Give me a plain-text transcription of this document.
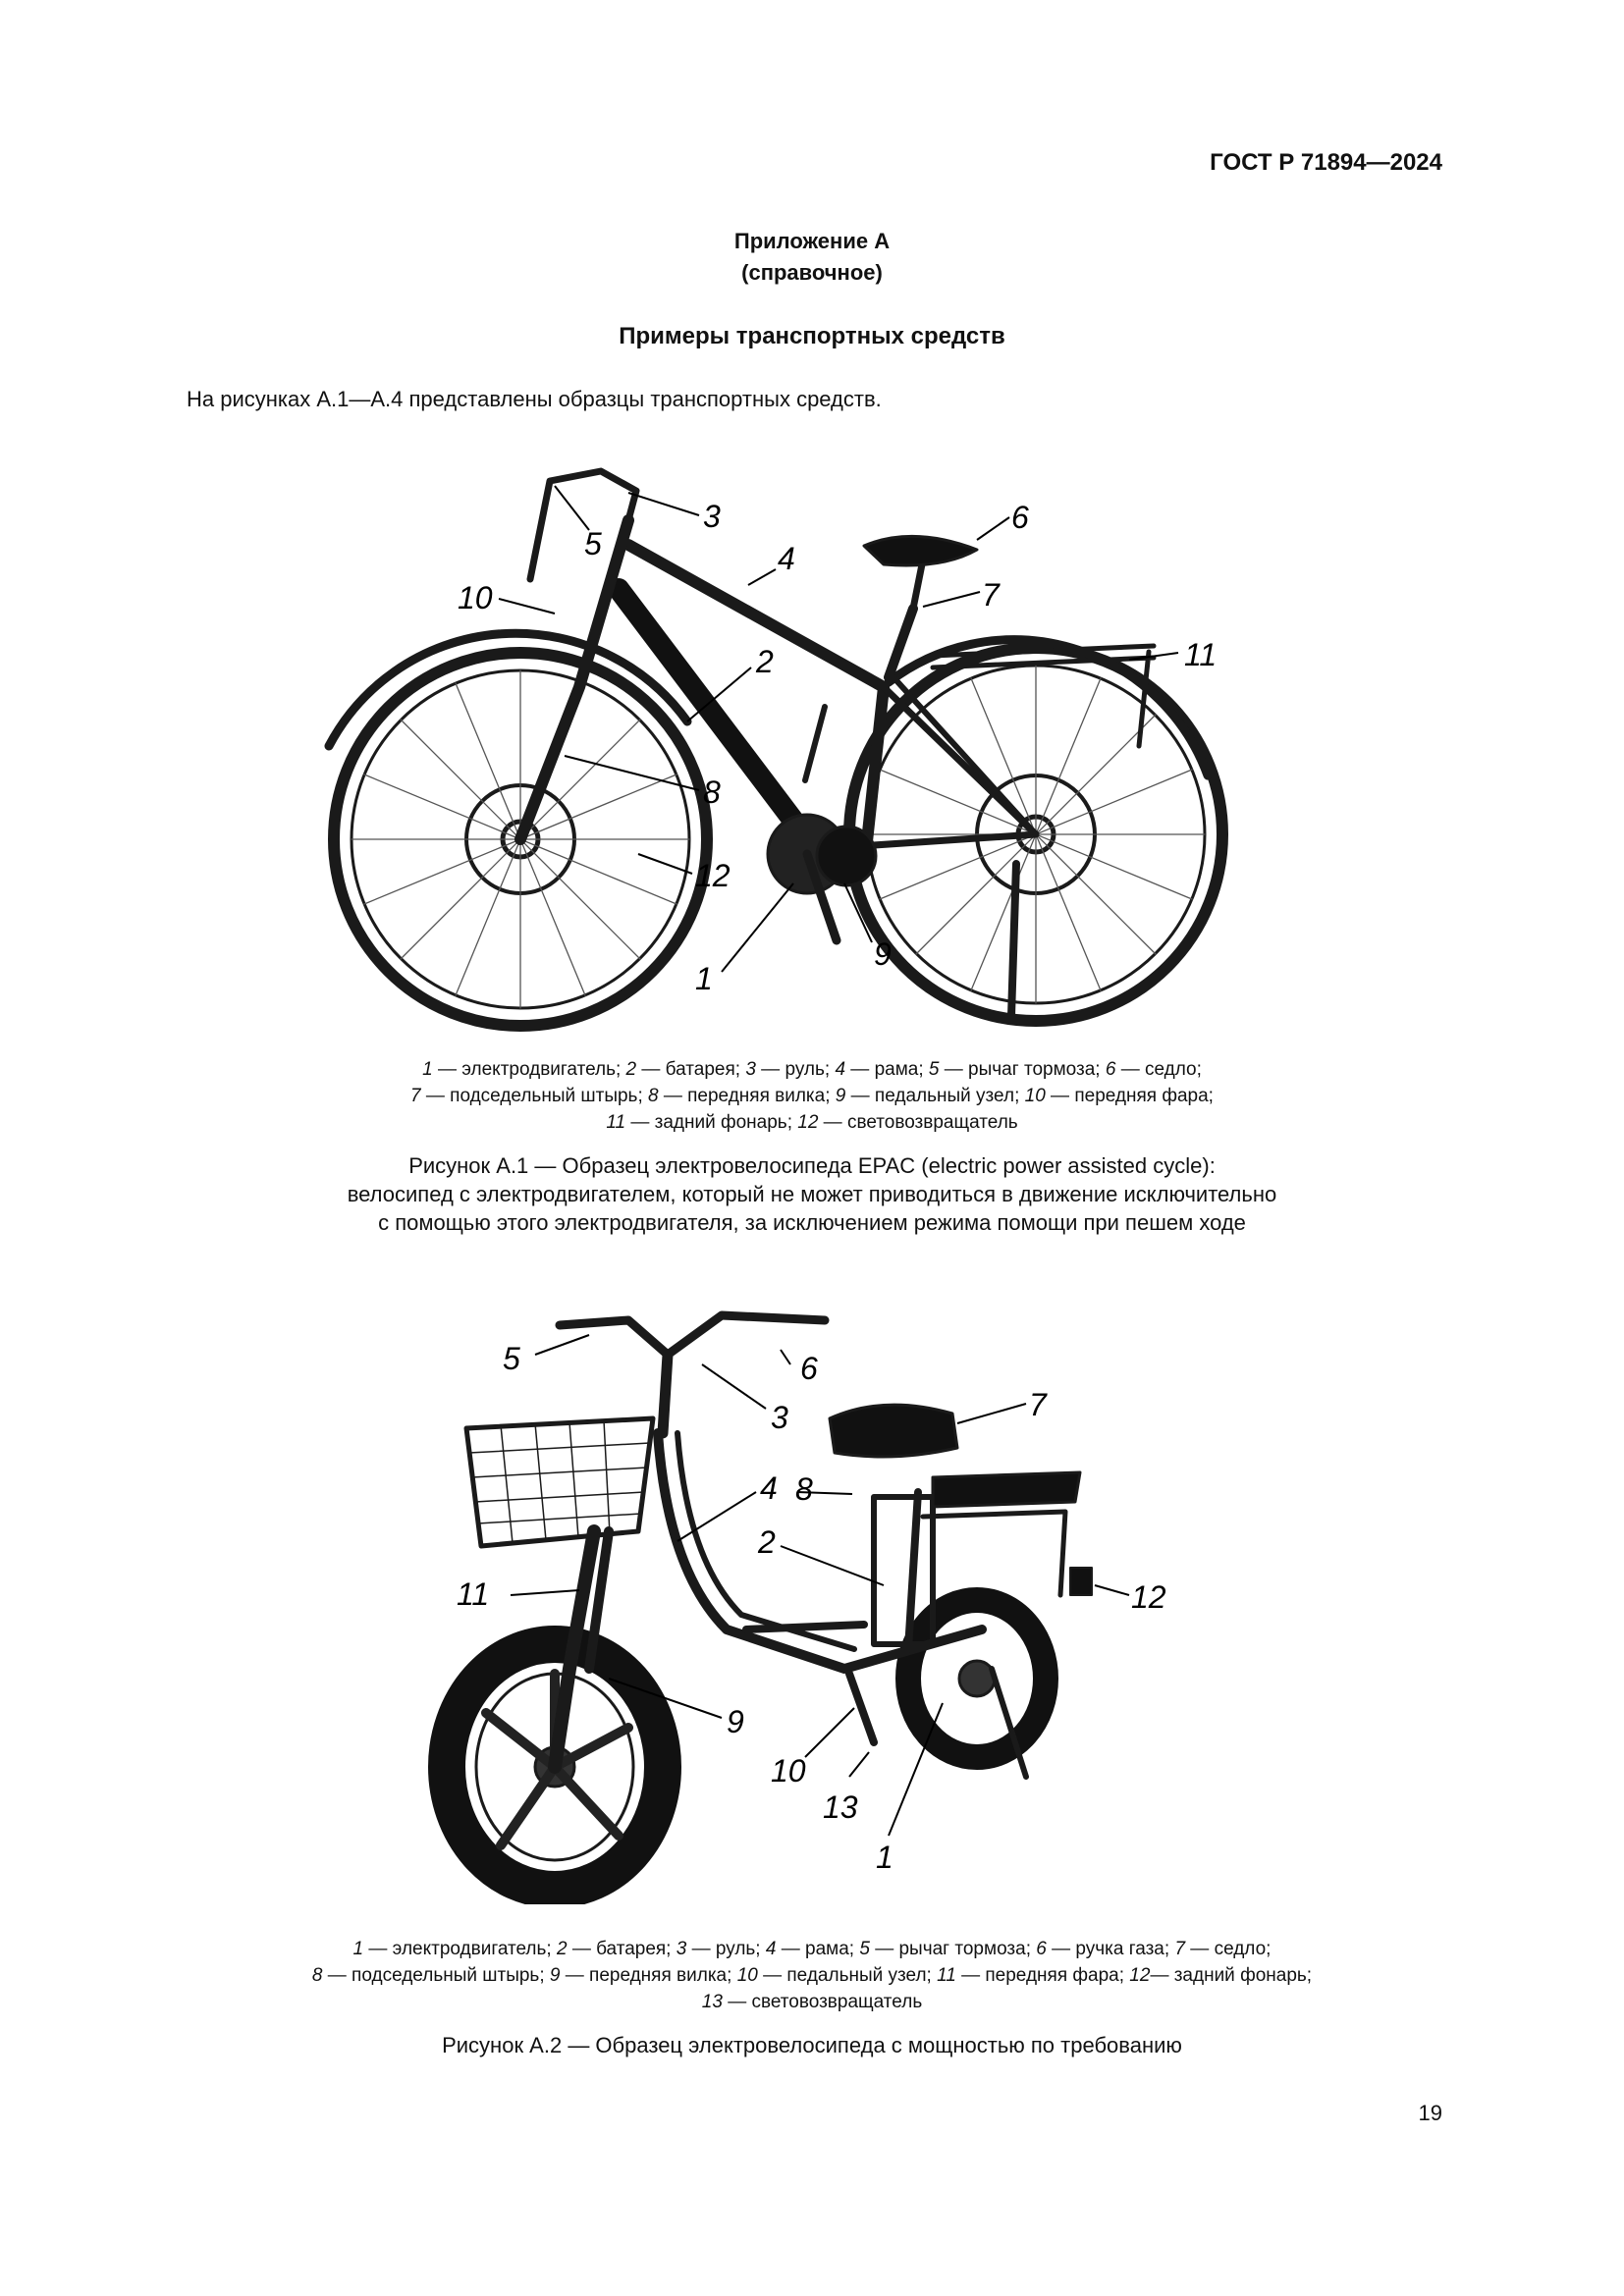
ГОСТ Р 71894—2024
Приложение А
(справочное)
Примеры транспортных средств
На рисунках А.1—А.4 представлены образцы транспортных средств.
3
4
6
7
5
10
2	11
8
12
1
9
1 — электродвигатель; 2 — батарея; 3 — руль; 4 — рама; 5 — рычаг тормоза; 6 — седло;
7 — подседельный штырь; 8 — передняя вилка; 9 — педальный узел; 10 — передняя фара;
11 — задний фонарь; 12 — световозвращатель
Рисунок А.1 — Образец электровелосипеда EPAC (electric power assisted cycle):
велосипед с электродвигателем, который не может приводиться в движение исключительно
с помощью этого электродвигателя, за исключением режима помощи при пешем ходе
5	6
3	7
8
4
2
11	12
9
10
13
1
1 — электродвигатель; 2 — батарея; 3 — руль; 4 — рама; 5 — рычаг тормоза; 6 — ручка газа; 7 — седло;
8 — подседельный штырь; 9 — передняя вилка; 10 — педальный узел; 11 — передняя фара; 12— задний фонарь;
13 — световозвращатель
Рисунок А.2 — Образец электровелосипеда с мощностью по требованию
19
